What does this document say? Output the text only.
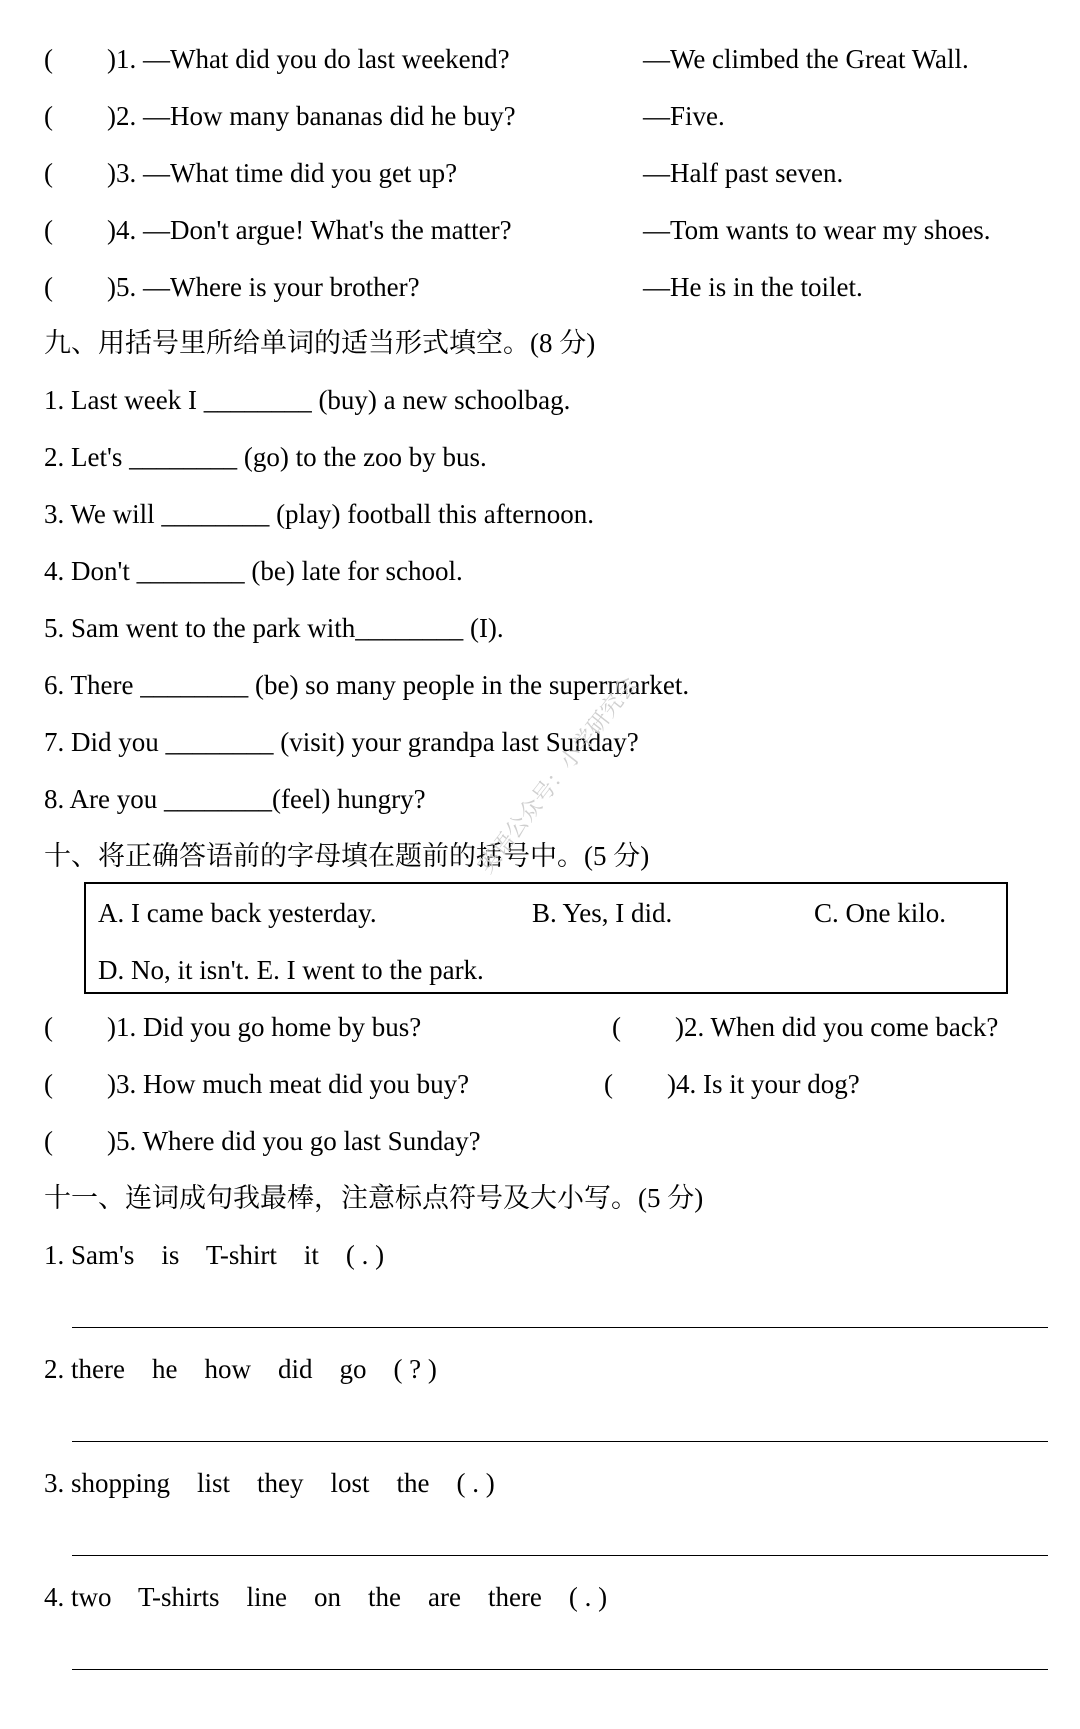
(        )1. —What did you do last weekend?	—We climbed the Great Wall.
(        )2. —How many bananas did he buy?	—Five.
(        )3. —What time did you get up?	—Half past seven.
(        )4. —Don't argue! What's the matter?	—Tom wants to wear my shoes.
(        )5. —Where is your brother?	—He is in the toilet.
九、用括号里所给单词的适当形式填空。(8 分)
1. Last week I ________ (buy) a new schoolbag.
2. Let's ________ (go) to the zoo by bus.
3. We will ________ (play) football this afternoon.
4. Don't ________ (be) late for school.
5. Sam went to the park with________ (I).
6. There ________ (be) so many people in the supermarket.
7. Did you ________ (visit) your grandpa last Sunday?
8. Are you ________(feel) hungry?
十、将正确答语前的字母填在题前的括号中。(5 分)
A. I came back yesterday.	B. Yes, I did.	C. One kilo.
D. No, it isn't. E. I went to the park.
(        )1. Did you go home by bus?	(        )2. When did you come back?
(        )3. How much meat did you buy?	(        )4. Is it your dog?
(        )5. Where did you go last Sunday?
十一、连词成句我最棒，注意标点符号及大小写。(5 分)
1. Sam's    is    T-shirt    it    ( . )
2. there    he    how    did    go    ( ? )
3. shopping    list    they    lost    the    ( . )
4. two    T-shirts    line    on    the    are    there    ( . )
英语公众号：小学研究会
